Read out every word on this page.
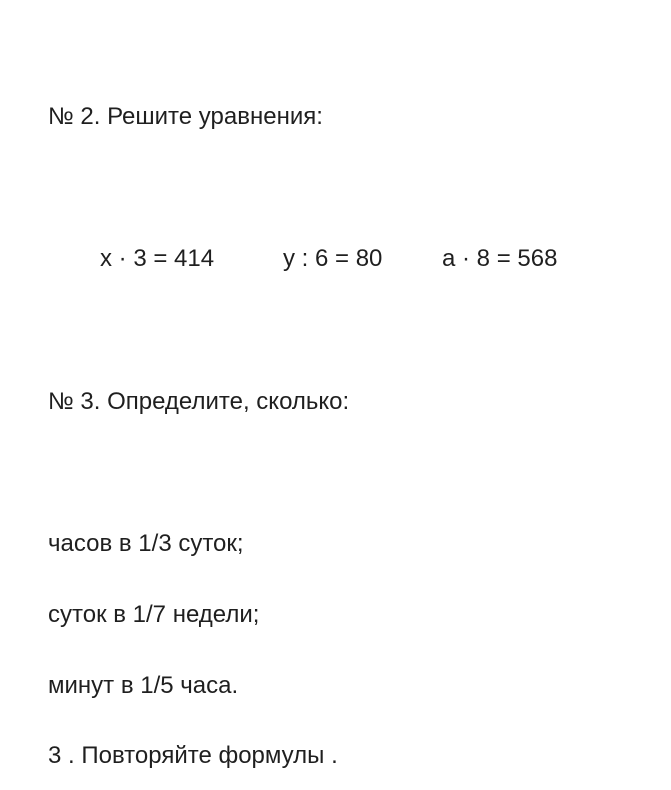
№ 2. Решите уравнения:
x · 3 = 414	y : 6 = 80 a · 8 = 568
№ 3. Определите, сколько:
часов в 1/3 суток;
суток в 1/7 недели;
минут в 1/5 часа.
3 . Повторяйте формулы .
